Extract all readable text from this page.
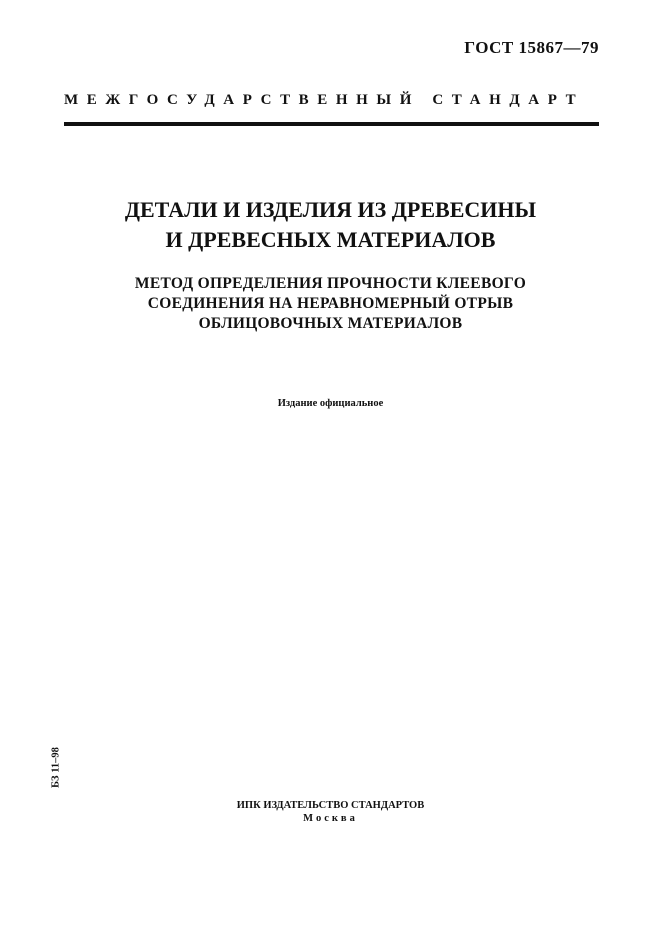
ГОСТ 15867—79
МЕЖГОСУДАРСТВЕННЫЙ СТАНДАРТ
ДЕТАЛИ И ИЗДЕЛИЯ ИЗ ДРЕВЕСИНЫ
И ДРЕВЕСНЫХ МАТЕРИАЛОВ
МЕТОД ОПРЕДЕЛЕНИЯ ПРОЧНОСТИ КЛЕЕВОГО
СОЕДИНЕНИЯ НА НЕРАВНОМЕРНЫЙ ОТРЫВ
ОБЛИЦОВОЧНЫХ МАТЕРИАЛОВ
Издание официальное
БЗ 11–98
ИПК ИЗДАТЕЛЬСТВО СТАНДАРТОВ
Москва
